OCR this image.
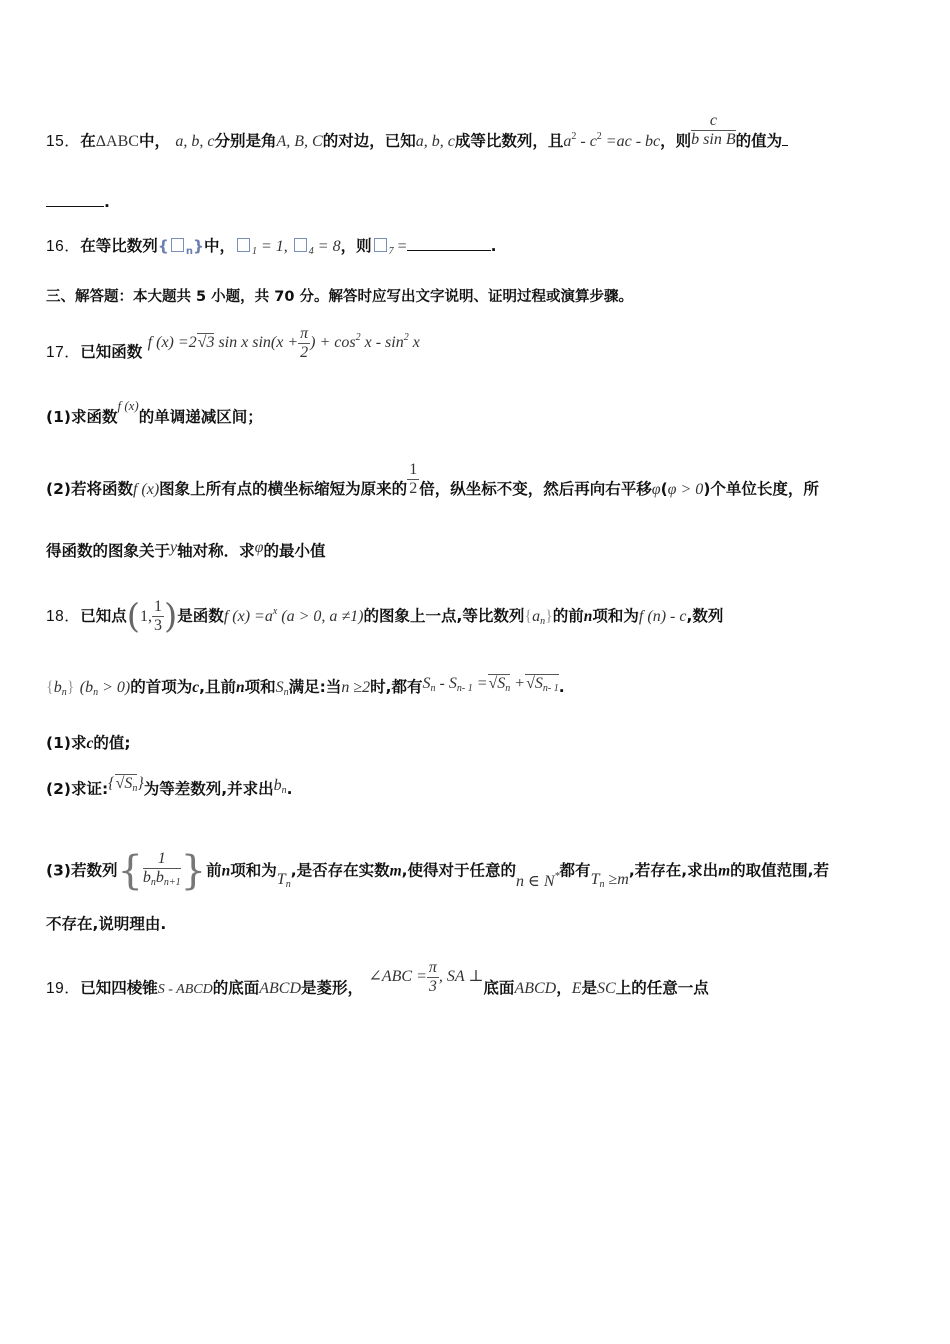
15．在ΔABC中， a, b, c分别是角A, B, C的对边，已知a, b, c成等比数列，且$a^2 - c^2 =ac$ - bc，则 $\frac{c}{\text{b sin B}}$ 的值为
.
16．在等比数列{ $_n$}中， $_1$ = 1, $_4$ = 8，则 $_7$ =	.
三、解答题：本大题共 5 小题，共 70 分。解答时应写出文字说明、证明过程或演算步骤。
17．已知函数 f (x) =2√3 sin x $\sin(x + \frac{\pi}{2}$ ) + $\cos^2 x - \sin^2 x$
(1)求函数$^{f (x)}$的单调递减区间；
(2)若将函数f (x)图象上所有点的横坐标缩短为原来的 $\frac{1}{2}$ 倍，纵坐标不变，然后再向右平移φ(φ > 0)个单位长度，所
得函数的图象关于y轴对称．求φ的最小值
18．已知点(1, $\frac{1}{3}$ )是函数f $(x) =a^x$ (a > 0, a ≠1)的图象上一点,等比数列$\{a_n\}$的前n项和为f (n) - c,数列
$\{b_n\} (b_n > 0)$的首项为c,且前n项和$S_n$满足:当n ≥2时,都有$S_n - S_{n- 1} =√S_n +√S_{n- 1}$.
(1)求c的值;
(2)求证$:\{√S_n\}$为等差数列,并求出$b_n$.
(3)若数列{ $\frac{1}{b_nb_{n+1}}$ }前n项和为$T_n$,是否存在实数m,使得对于任意的n ∈ N*都有$T_n \ge m$,若存在,求出m的取值范围,若
不存在,说明理由.
19．已知四棱锥S - ABCD的底面ABCD是菱形， ∠ABC = $\frac{\pi}{3}$ , SA ⊥底面ABCD，E是SC上的任意一点
